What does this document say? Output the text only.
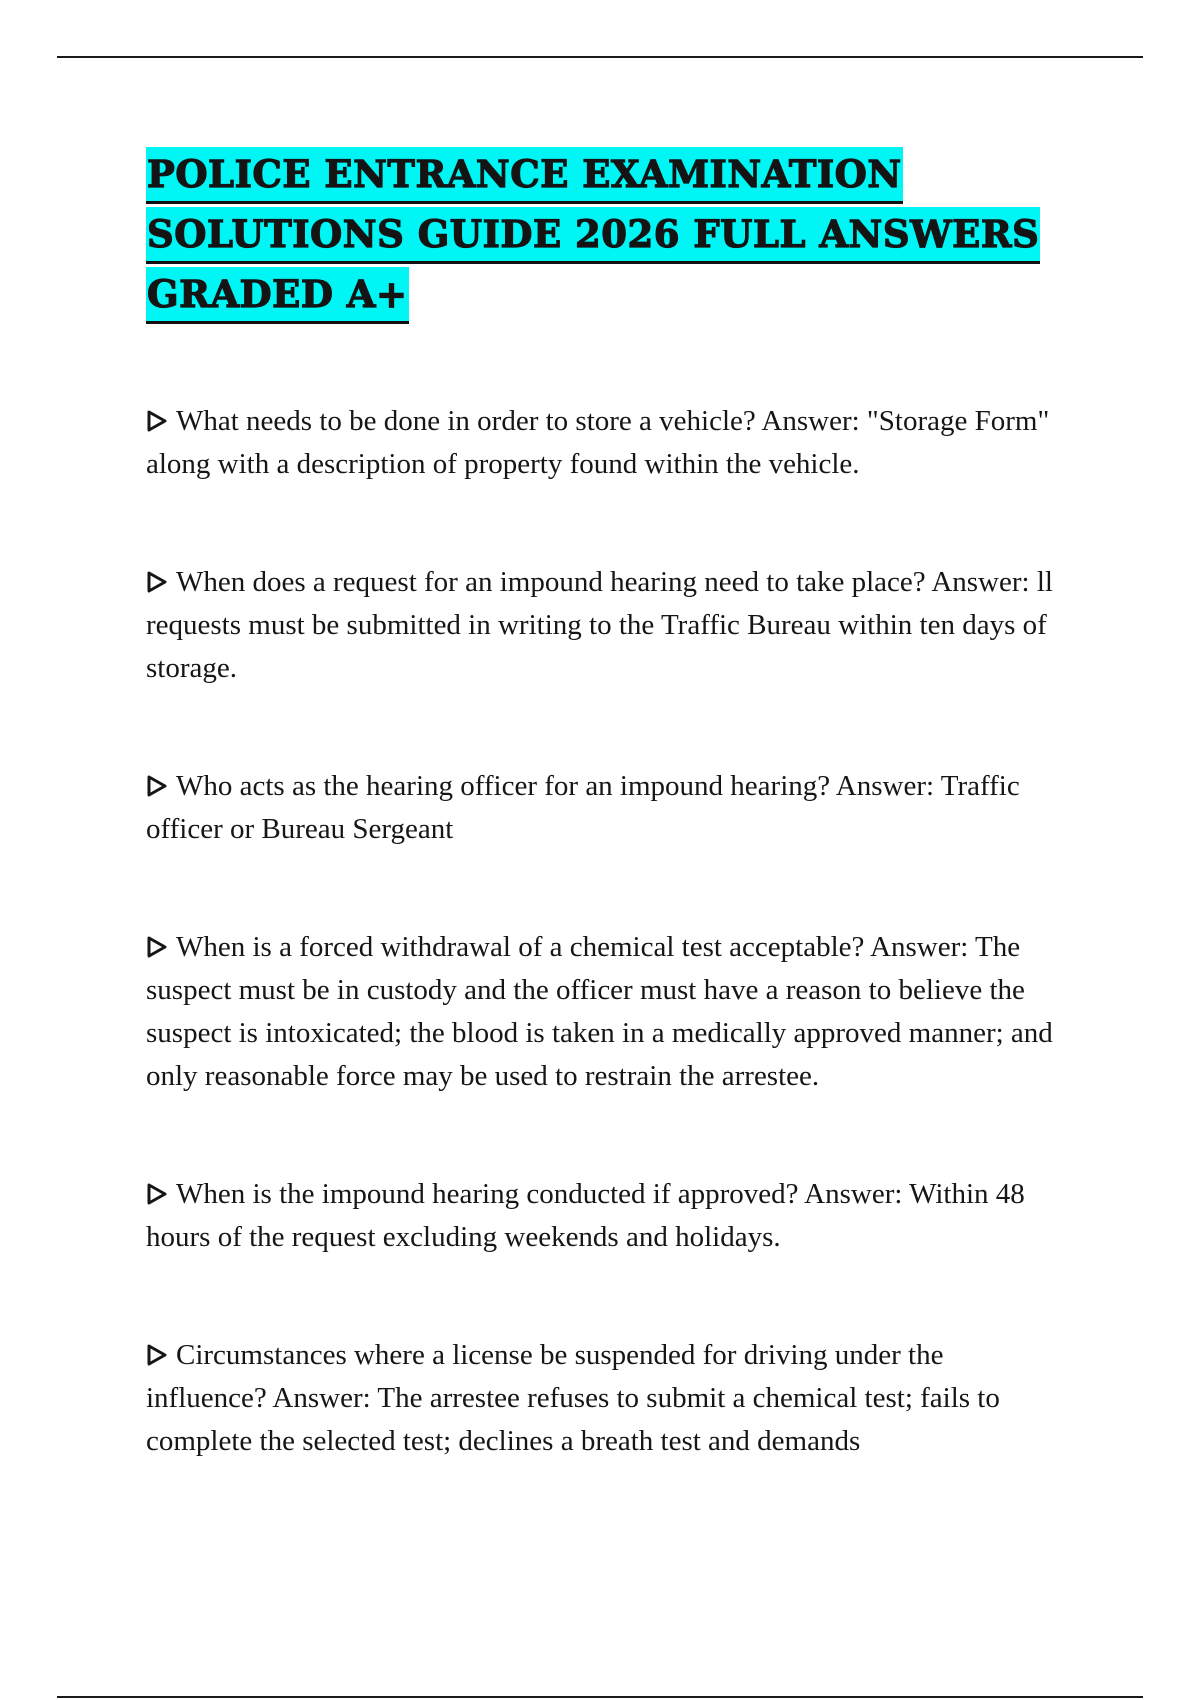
POLICE ENTRANCE EXAMINATION
SOLUTIONS GUIDE 2026 FULL ANSWERS
GRADED A+

What needs to be done in order to store a vehicle? Answer: "Storage Form" along with a description of property found within the vehicle.

When does a request for an impound hearing need to take place? Answer: ll requests must be submitted in writing to the Traffic Bureau within ten days of storage.

Who acts as the hearing officer for an impound hearing? Answer: Traffic officer or Bureau Sergeant

When is a forced withdrawal of a chemical test acceptable? Answer: The suspect must be in custody and the officer must have a reason to believe the suspect is intoxicated; the blood is taken in a medically approved manner; and only reasonable force may be used to restrain the arrestee.

When is the impound hearing conducted if approved? Answer: Within 48 hours of the request excluding weekends and holidays.

Circumstances where a license be suspended for driving under the influence? Answer: The arrestee refuses to submit a chemical test; fails to complete the selected test; declines a breath test and demands
